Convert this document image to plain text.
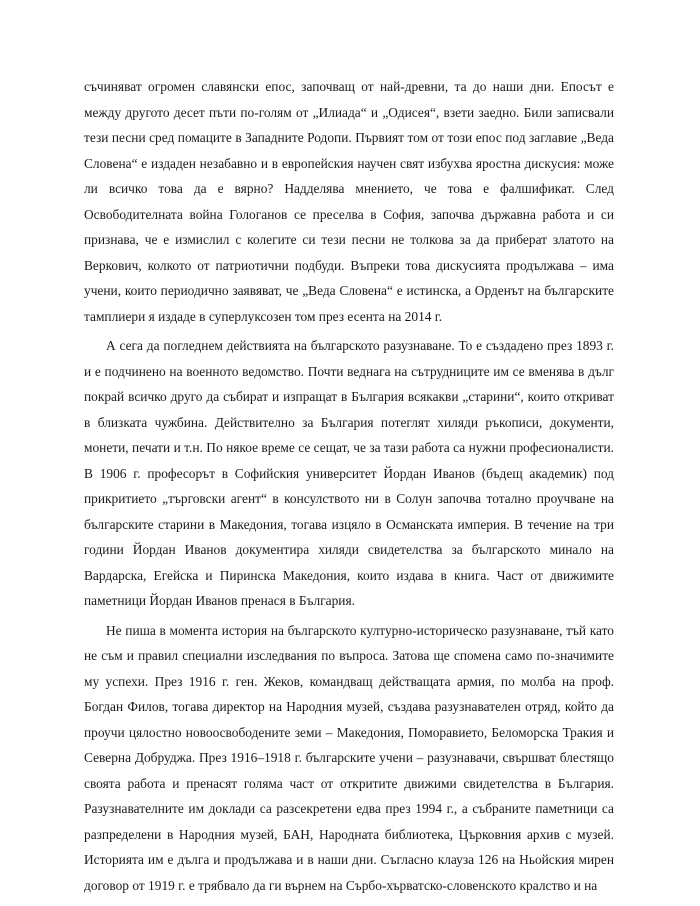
съчиняват огромен славянски епос, започващ от най-древни, та до наши дни. Епосът е между другото десет пъти по-голям от „Илиада“ и „Одисея“, взети заедно. Били записвали тези песни сред помаците в Западните Родопи. Първият том от този епос под заглавие „Веда Словена“ е издаден незабавно и в европейския научен свят избухва яростна дискусия: може ли всичко това да е вярно? Надделява мнението, че това е фалшификат. След Освободителната война Гологанов се преселва в София, започва държавна работа и си признава, че е измислил с колегите си тези песни не толкова за да приберат златото на Веркович, колкото от патриотични подбуди. Въпреки това дискусията продължава – има учени, които периодично заявяват, че „Веда Словена“ е истинска, а Орденът на българските тамплиери я издаде в суперлуксозен том през есента на 2014 г.

А сега да погледнем действията на българското разузнаване. То е създадено през 1893 г. и е подчинено на военното ведомство. Почти веднага на сътрудниците им се вменява в дълг покрай всичко друго да събират и изпращат в България всякакви „старини“, които откриват в близката чужбина. Действително за България потеглят хиляди ръкописи, документи, монети, печати и т.н. По някое време се сещат, че за тази работа са нужни професионалисти. В 1906 г. професорът в Софийския университет Йордан Иванов (бъдещ академик) под прикритието „търговски агент“ в консулството ни в Солун започва тотално проучване на българските старини в Македония, тогава изцяло в Османската империя. В течение на три години Йордан Иванов документира хиляди свидетелства за българското минало на Вардарска, Егейска и Пиринска Македония, които издава в книга. Част от движимите паметници Йордан Иванов пренася в България.

Не пиша в момента история на българското културно-историческо разузнаване, тъй като не съм и правил специални изследвания по въпроса. Затова ще спомена само по-значимите му успехи. През 1916 г. ген. Жеков, командващ действащата армия, по молба на проф. Богдан Филов, тогава директор на Народния музей, създава разузнавателен отряд, който да проучи цялостно новоосвободените земи – Македония, Поморавието, Беломорска Тракия и Северна Добруджа. През 1916–1918 г. българските учени – разузнавачи, свършват блестящо своята работа и пренасят голяма част от откритите движими свидетелства в България. Разузнавателните им доклади са разсекретени едва през 1994 г., а събраните паметници са разпределени в Народния музей, БАН, Народната библиотека, Църковния архив с музей. Историята им е дълга и продължава и в наши дни. Съгласно клауза 126 на Ньойския мирен договор от 1919 г. е трябвало да ги върнем на Сърбо-хърватско-словенското кралство и на
